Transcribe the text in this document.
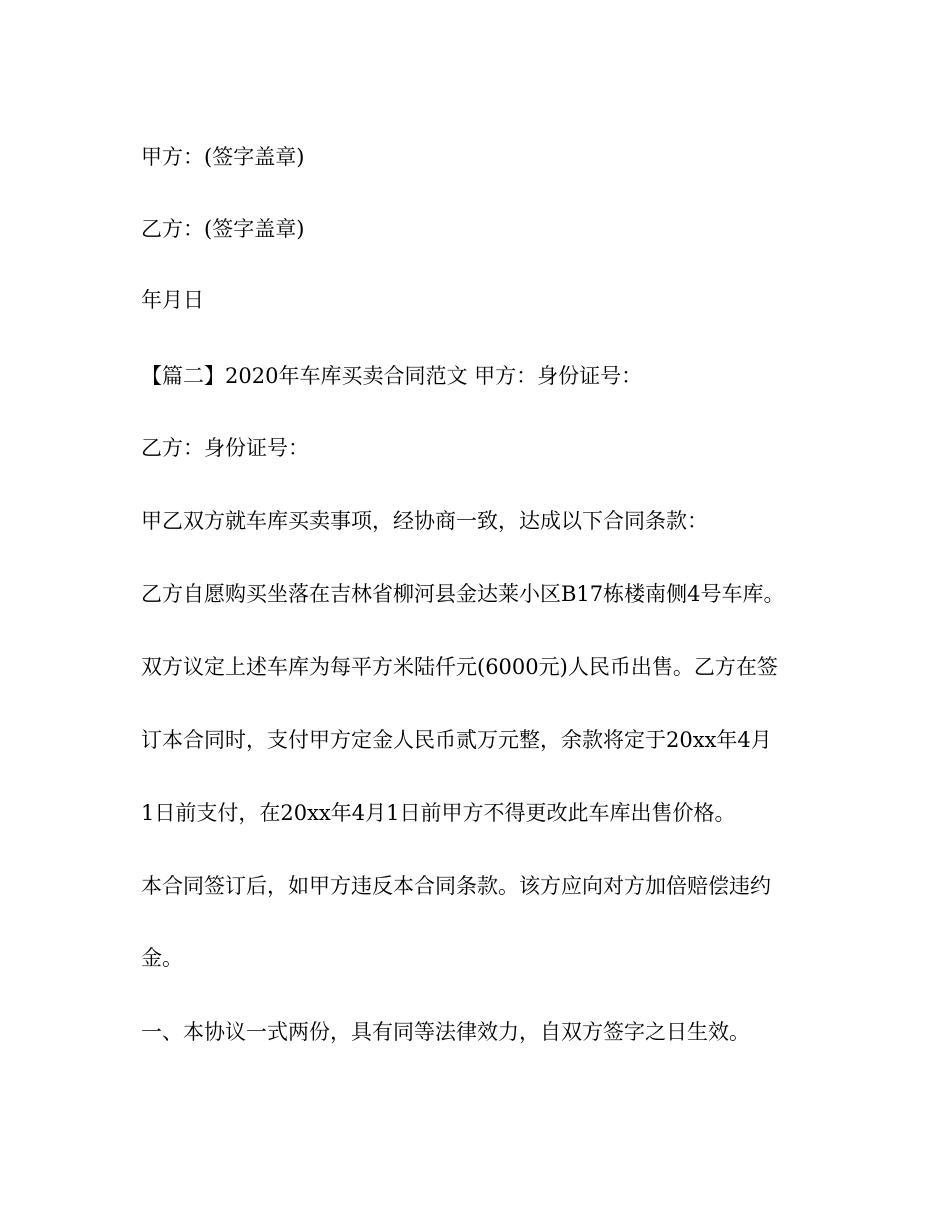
甲方：(签字盖章)

乙方：(签字盖章)

年月日

【篇二】2020年车库买卖合同范文 甲方：身份证号：

乙方：身份证号：

甲乙双方就车库买卖事项，经协商一致，达成以下合同条款：

乙方自愿购买坐落在吉林省柳河县金达莱小区B17栋楼南侧4号车库。

双方议定上述车库为每平方米陆仟元(6000元)人民币出售。乙方在签

订本合同时，支付甲方定金人民币贰万元整，余款将定于20xx年4月

1日前支付，在20xx年4月1日前甲方不得更改此车库出售价格。

本合同签订后，如甲方违反本合同条款。该方应向对方加倍赔偿违约

金。

一、本协议一式两份，具有同等法律效力，自双方签字之日生效。
